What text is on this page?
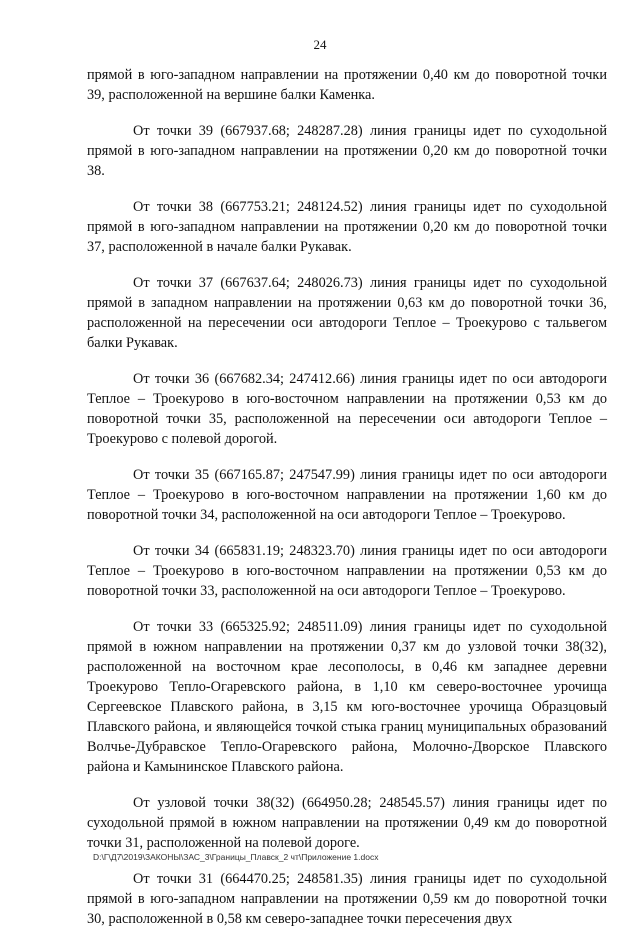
24

прямой в юго-западном направлении на протяжении 0,40 км до поворотной точки 39, расположенной на вершине балки Каменка.

От точки 39 (667937.68; 248287.28) линия границы идет по суходольной прямой в юго-западном направлении на протяжении 0,20 км до поворотной точки 38.

От точки 38 (667753.21; 248124.52) линия границы идет по суходольной прямой в юго-западном направлении на протяжении 0,20 км до поворотной точки 37, расположенной в начале балки Рукавак.

От точки 37 (667637.64; 248026.73) линия границы идет по суходольной прямой в западном направлении на протяжении 0,63 км до поворотной точки 36, расположенной на пересечении оси автодороги Теплое – Троекурово с тальвегом балки Рукавак.

От точки 36 (667682.34; 247412.66) линия границы идет по оси автодороги Теплое – Троекурово в юго-восточном направлении на протяжении 0,53 км до поворотной точки 35, расположенной на пересечении оси автодороги Теплое – Троекурово с полевой дорогой.

От точки 35 (667165.87; 247547.99) линия границы идет по оси автодороги Теплое – Троекурово в юго-восточном направлении на протяжении 1,60 км до поворотной точки 34, расположенной на оси автодороги Теплое – Троекурово.

От точки 34 (665831.19; 248323.70) линия границы идет по оси автодороги Теплое – Троекурово в юго-восточном направлении на протяжении 0,53 км до поворотной точки 33, расположенной на оси автодороги Теплое – Троекурово.

От точки 33 (665325.92; 248511.09) линия границы идет по суходольной прямой в южном направлении на протяжении 0,37 км до узловой точки 38(32), расположенной на восточном крае лесополосы, в 0,46 км западнее деревни Троекурово Тепло-Огаревского района, в 1,10 км северо-восточнее урочища Сергеевское Плавского района, в 3,15 км юго-восточнее урочища Образцовый Плавского района, и являющейся точкой стыка границ муниципальных образований Волчье-Дубравское Тепло-Огаревского района, Молочно-Дворское Плавского района и Камынинское Плавского района.

От узловой точки 38(32) (664950.28; 248545.57) линия границы идет по суходольной прямой в южном направлении на протяжении 0,49 км до поворотной точки 31, расположенной на полевой дороге.

От точки 31 (664470.25; 248581.35) линия границы идет по суходольной прямой в юго-западном направлении на протяжении 0,59 км до поворотной точки 30, расположенной в 0,58 км северо-западнее точки пересечения двух

D:\Г\Д7\2019\ЗАКОНЫ\ЗАС_3\Границы_Плавск_2 чт\Приложение 1.docx
